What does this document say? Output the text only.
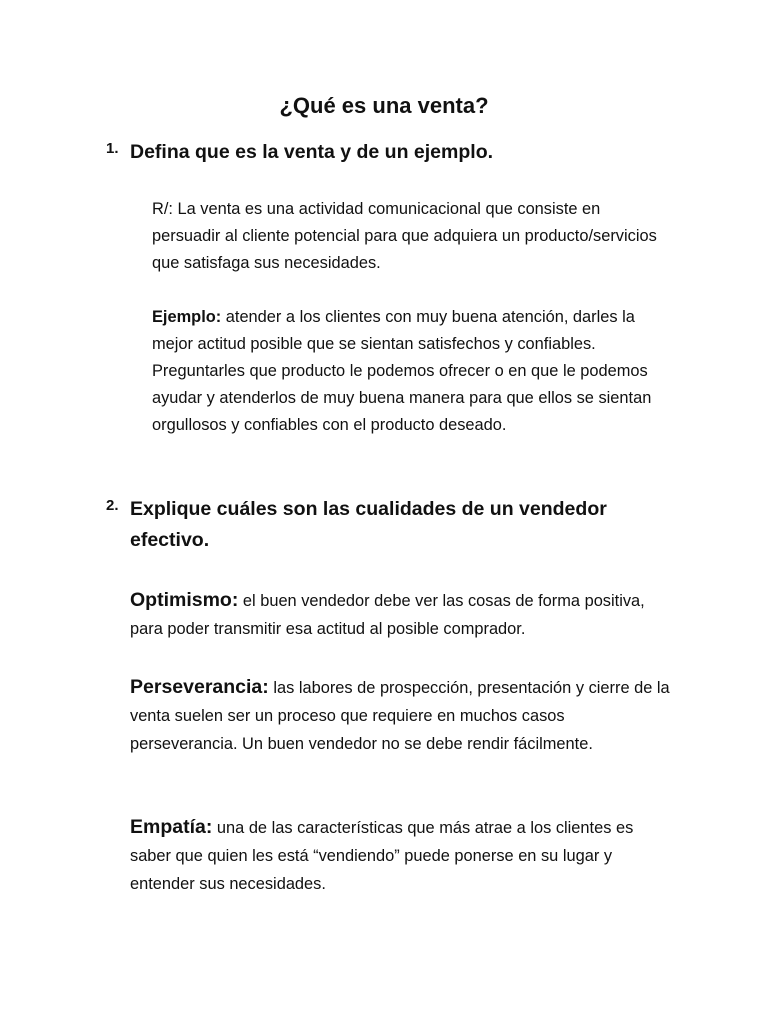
¿Qué es una venta?
1. Defina que es la venta y de un ejemplo.

R/: La venta es una actividad comunicacional que consiste en persuadir al cliente potencial para que adquiera un producto/servicios que satisfaga sus necesidades.

Ejemplo: atender a los clientes con muy buena atención, darles la mejor actitud posible que se sientan satisfechos y confiables. Preguntarles que producto le podemos ofrecer o en que le podemos ayudar y atenderlos de muy buena manera para que ellos se sientan orgullosos y confiables con el producto deseado.

2. Explique cuáles son las cualidades de un vendedor efectivo.

Optimismo: el buen vendedor debe ver las cosas de forma positiva, para poder transmitir esa actitud al posible comprador.

Perseverancia: las labores de prospección, presentación y cierre de la venta suelen ser un proceso que requiere en muchos casos perseverancia. Un buen vendedor no se debe rendir fácilmente.

Empatía: una de las características que más atrae a los clientes es saber que quien les está “vendiendo” puede ponerse en su lugar y entender sus necesidades.
